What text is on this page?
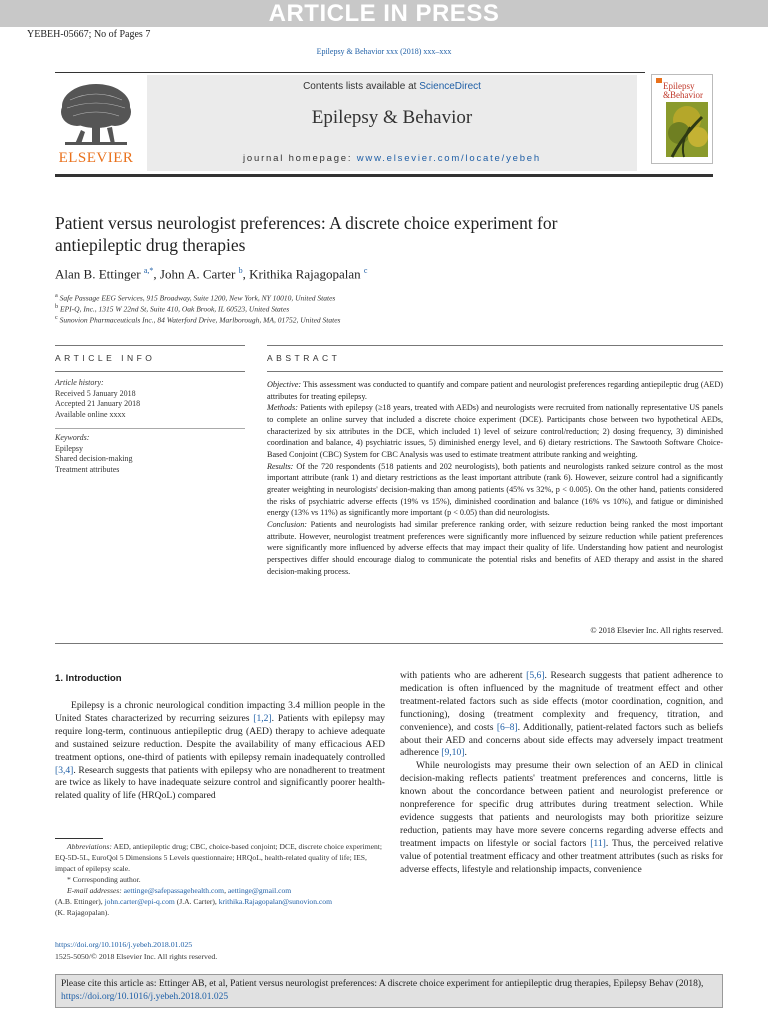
ARTICLE IN PRESS
YEBEH-05667; No of Pages 7
Epilepsy & Behavior xxx (2018) xxx–xxx
ELSEVIER
Contents lists available at ScienceDirect
Epilepsy & Behavior
journal homepage: www.elsevier.com/locate/yebeh
Epilepsy
&Behavior
Patient versus neurologist preferences: A discrete choice experiment for
antiepileptic drug therapies
Alan B. Ettinger $^{a,*}$, John A. Carter $^b$, Krithika Rajagopalan $^c$
$^a$ Safe Passage EEG Services, 915 Broadway, Suite 1200, New York, NY 10010, United States
$^b$ EPI-Q, Inc., 1315 W 22nd St, Suite 410, Oak Brook, IL 60523, United States
$^c$ Sunovion Pharmaceuticals Inc., 84 Waterford Drive, Marlborough, MA, 01752, United States
ARTICLE INFO
Article history:
Received 5 January 2018
Accepted 21 January 2018
Available online xxxx
Keywords:
Epilepsy
Shared decision-making
Treatment attributes
ABSTRACT
Objective: This assessment was conducted to quantify and compare patient and neurologist preferences regarding antiepileptic drug (AED) attributes for treating epilepsy.
Methods: Patients with epilepsy (≥18 years, treated with AEDs) and neurologists were recruited from nationally representative US panels to complete an online survey that included a discrete choice experiment (DCE). Participants chose between two hypothetical AEDs, characterized by six attributes in the DCE, which included 1) level of seizure control/reduction; 2) dosing frequency, 3) diminished coordination and balance, 4) psychiatric issues, 5) diminished energy level, and 6) dietary restrictions. The Sawtooth Software Choice-Based Conjoint (CBC) System for CBC Analysis was used to estimate treatment attribute ranking and weighting.
Results: Of the 720 respondents (518 patients and 202 neurologists), both patients and neurologists ranked seizure control as the most important attribute (rank 1) and dietary restrictions as the least important attribute (rank 6). However, seizure control had a significantly greater weighting in neurologists' decision-making than among patients (45% vs 32%, p < 0.005). On the other hand, patients considered the risks of psychiatric adverse effects (19% vs 15%), diminished coordination and balance (16% vs 10%), and fatigue or diminished energy (13% vs 11%) as significantly more important (p < 0.05) than did neurologists.
Conclusion: Patients and neurologists had similar preference ranking order, with seizure reduction being ranked the most important attribute. However, neurologist treatment preferences were significantly more influenced by seizure reduction while patient preferences were significantly more influenced by adverse effects that may impact their quality of life. Understanding how patient and neurologist perspectives differ should encourage dialog to communicate the potential risks and benefits of AED therapy and assist in the shared decision-making process.
© 2018 Elsevier Inc. All rights reserved.
1. Introduction

Epilepsy is a chronic neurological condition impacting 3.4 million people in the United States characterized by recurring seizures [1,2]. Patients with epilepsy may require long-term, continuous antiepileptic drug (AED) therapy to achieve adequate and sustained seizure reduction. Despite the availability of many efficacious AED treatment options, one-third of patients with epilepsy remain inadequately controlled [3,4]. Research suggests that patients with epilepsy who are nonadherent to treatment are twice as likely to have inadequate seizure control and significantly poorer health-related quality of life (HRQoL) compared

with patients who are adherent [5,6]. Research suggests that patient adherence to medication is often influenced by the magnitude of treatment effect and other treatment-related factors such as side effects (motor coordination, cognition, and functioning), dosing (treatment complexity and frequency, titration, and convenience), and costs [6–8]. Additionally, patient-related factors such as beliefs about their AED and concerns about side effects may adversely impact treatment adherence [9,10].

While neurologists may presume their own selection of an AED in clinical decision-making reflects patients' treatment preferences and concerns, little is known about the concordance between patient and neurologist preference or nonpreference for specific drug attributes during treatment selection. While evidence suggests that patients and neurologists may both prioritize seizure reduction, patients may have more severe concerns regarding adverse effects and treatment impacts on lifestyle or social factors [11]. Thus, the perceived relative value of potential treatment efficacy and other treatment attributes (such as risks for adverse effects, lifestyle and relationship impacts, convenience

Abbreviations: AED, antiepileptic drug; CBC, choice-based conjoint; DCE, discrete choice experiment; EQ-5D-5L, EuroQol 5 Dimensions 5 Levels questionnaire; HRQoL, health-related quality of life; IES, impact of epilepsy scale.
* Corresponding author.
E-mail addresses: aettinge@safepassagehealth.com, aettinge@gmail.com
(A.B. Ettinger), john.carter@epi-q.com (J.A. Carter), krithika.Rajagopalan@sunovion.com
(K. Rajagopalan).
https://doi.org/10.1016/j.yebeh.2018.01.025
1525-5050/© 2018 Elsevier Inc. All rights reserved.
Please cite this article as: Ettinger AB, et al, Patient versus neurologist preferences: A discrete choice experiment for antiepileptic drug therapies, Epilepsy Behav (2018), https://doi.org/10.1016/j.yebeh.2018.01.025
